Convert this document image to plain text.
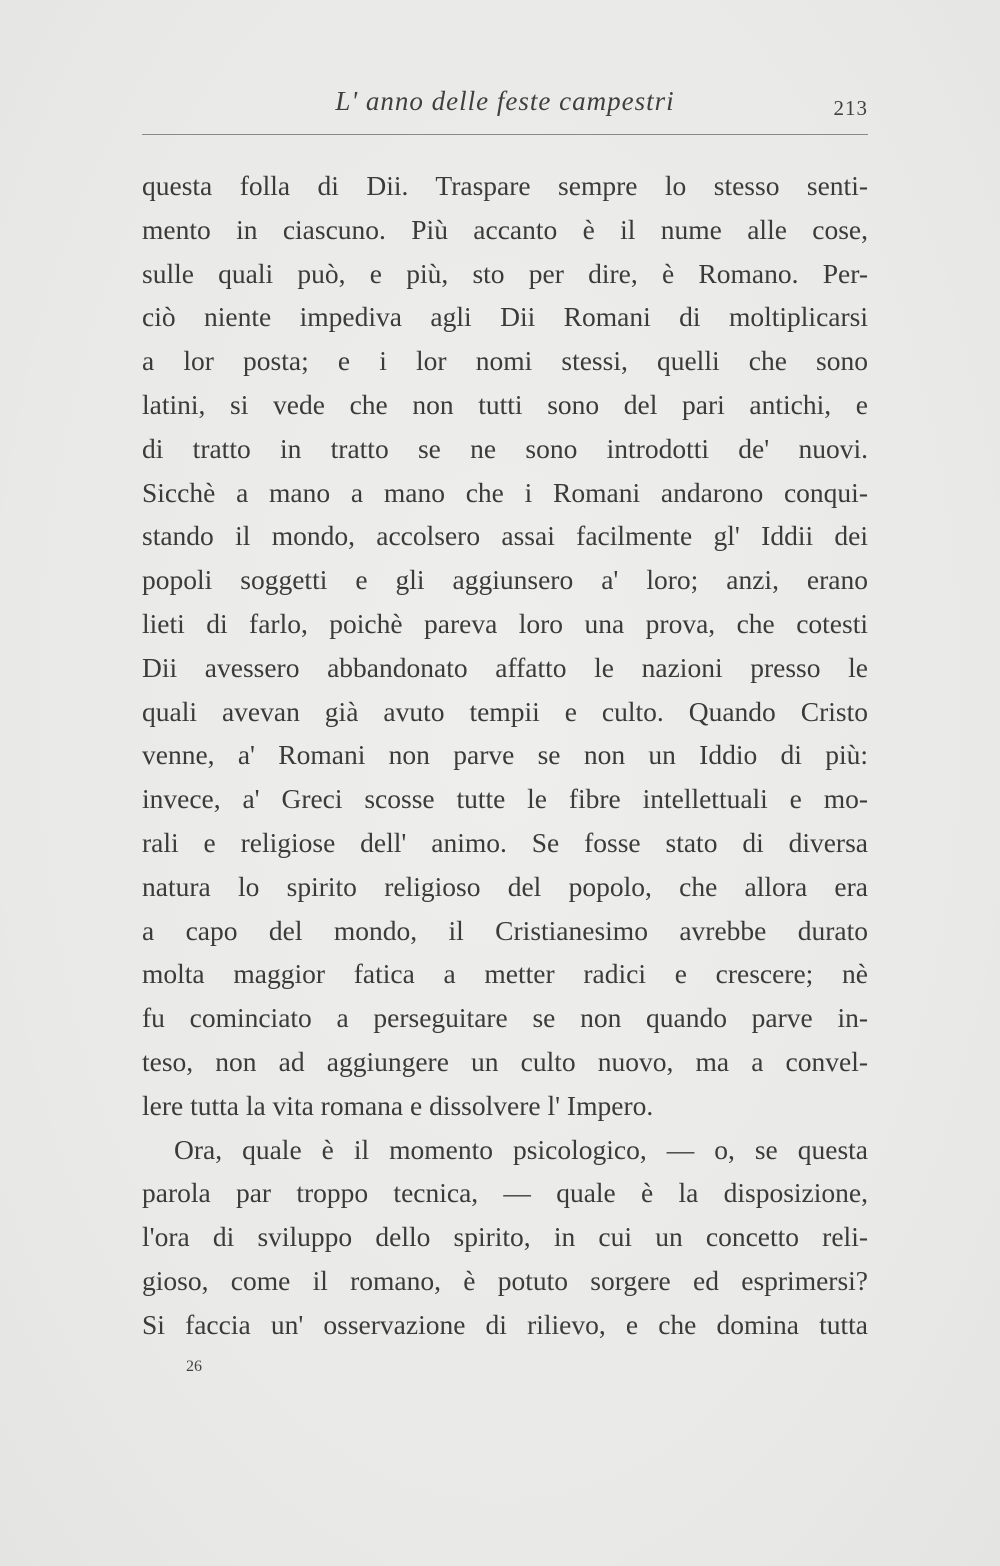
L' anno delle feste campestri	213
questa folla di Dii. Traspare sempre lo stesso senti-
mento in ciascuno. Più accanto è il nume alle cose,
sulle quali può, e più, sto per dire, è Romano. Per-
ciò niente impediva agli Dii Romani di moltiplicarsi
a lor posta; e i lor nomi stessi, quelli che sono
latini, si vede che non tutti sono del pari antichi, e
di tratto in tratto se ne sono introdotti de' nuovi.
Sicchè a mano a mano che i Romani andarono conqui-
stando il mondo, accolsero assai facilmente gl' Iddii dei
popoli soggetti e gli aggiunsero a' loro; anzi, erano
lieti di farlo, poichè pareva loro una prova, che cotesti
Dii avessero abbandonato affatto le nazioni presso le
quali avevan già avuto tempii e culto. Quando Cristo
venne, a' Romani non parve se non un Iddio di più:
invece, a' Greci scosse tutte le fibre intellettuali e mo-
rali e religiose dell' animo. Se fosse stato di diversa
natura lo spirito religioso del popolo, che allora era
a capo del mondo, il Cristianesimo avrebbe durato
molta maggior fatica a metter radici e crescere; nè
fu cominciato a perseguitare se non quando parve in-
teso, non ad aggiungere un culto nuovo, ma a convel-
lere tutta la vita romana e dissolvere l' Impero.
Ora, quale è il momento psicologico, — o, se questa
parola par troppo tecnica, — quale è la disposizione,
l'ora di sviluppo dello spirito, in cui un concetto reli-
gioso, come il romano, è potuto sorgere ed esprimersi?
Si faccia un' osservazione di rilievo, e che domina tutta
26
